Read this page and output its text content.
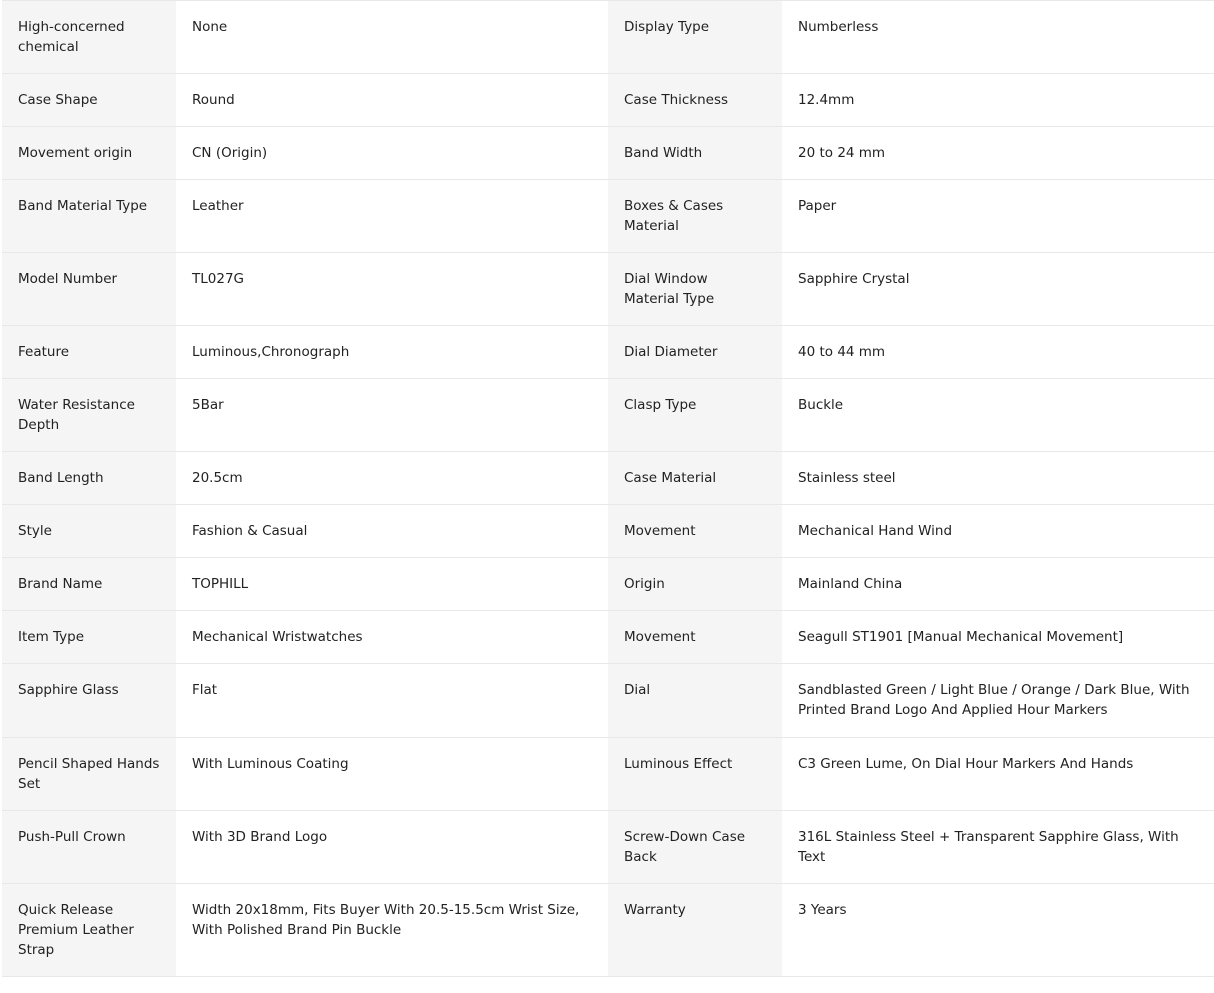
High-concerned chemical	None	Display Type	Numberless
Case Shape	Round	Case Thickness	12.4mm
Movement origin	CN (Origin)	Band Width	20 to 24 mm
Band Material Type	Leather	Boxes & Cases Material	Paper
Model Number	TL027G	Dial Window Material Type	Sapphire Crystal
Feature	Luminous,Chronograph	Dial Diameter	40 to 44 mm
Water Resistance Depth	5Bar	Clasp Type	Buckle
Band Length	20.5cm	Case Material	Stainless steel
Style	Fashion & Casual	Movement	Mechanical Hand Wind
Brand Name	TOPHILL	Origin	Mainland China
Item Type	Mechanical Wristwatches	Movement	Seagull ST1901 [Manual Mechanical Movement]
Sapphire Glass	Flat	Dial	Sandblasted Green / Light Blue / Orange / Dark Blue, With Printed Brand Logo And Applied Hour Markers
Pencil Shaped Hands Set	With Luminous Coating	Luminous Effect	C3 Green Lume, On Dial Hour Markers And Hands
Push-Pull Crown	With 3D Brand Logo	Screw-Down Case Back	316L Stainless Steel + Transparent Sapphire Glass, With Text
Quick Release Premium Leather Strap	Width 20x18mm, Fits Buyer With 20.5-15.5cm Wrist Size, With Polished Brand Pin Buckle	Warranty	3 Years
